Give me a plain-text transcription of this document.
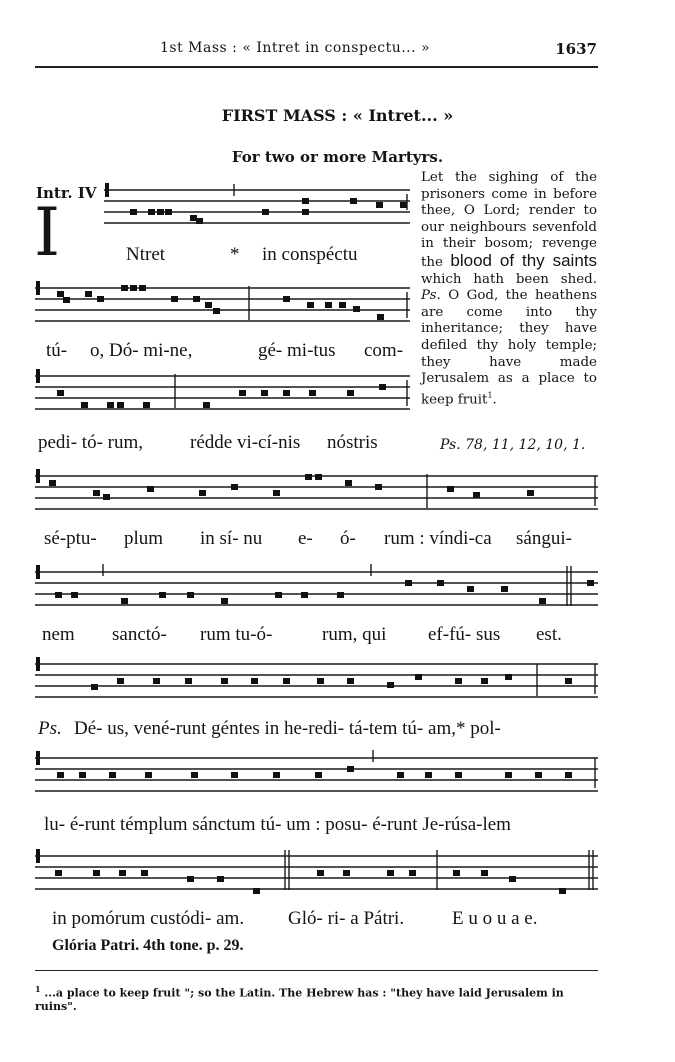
1st Mass : « Intret in conspectu... »	1637
FIRST MASS : « Intret... »
For two or more Martyrs.
Intr. IV
I
Let the sighing of the prisoners come in before thee, O Lord; render to our neighbours sevenfold in their bosom; revenge the blood of thy saints which hath been shed. Ps. O God, the heathens are come into thy inheritance; they have defiled thy holy temple; they have made Jerusalem as a place to keep fruit$^1$.
Ps. 78, 11, 12, 10, 1.
Ntret	* in conspéctu
tú- o, Dó- mi-ne,	gé- mi-tus com-
pedi- tó- rum, rédde vi-cí-nis nóstris
sé-ptu- plum in sí- nu e- ó- rum : víndi-ca sángui-
nem sanctó- rum tu-ó-	rum, qui ef-fú- sus est.
Ps. Dé- us, vené-runt géntes in he-redi- tá-tem tú- am,* pol-
lu- é-runt témplum sánctum tú- um : posu- é-runt Je-rúsa-lem
in pomórum custódi- am. Gló- ri- a Pátri.	E u o u a e.
Glória Patri. 4th tone. p. 29.
$^1$ ...a place to keep fruit "; so the Latin. The Hebrew has : "they have laid Jerusalem in ruins".
